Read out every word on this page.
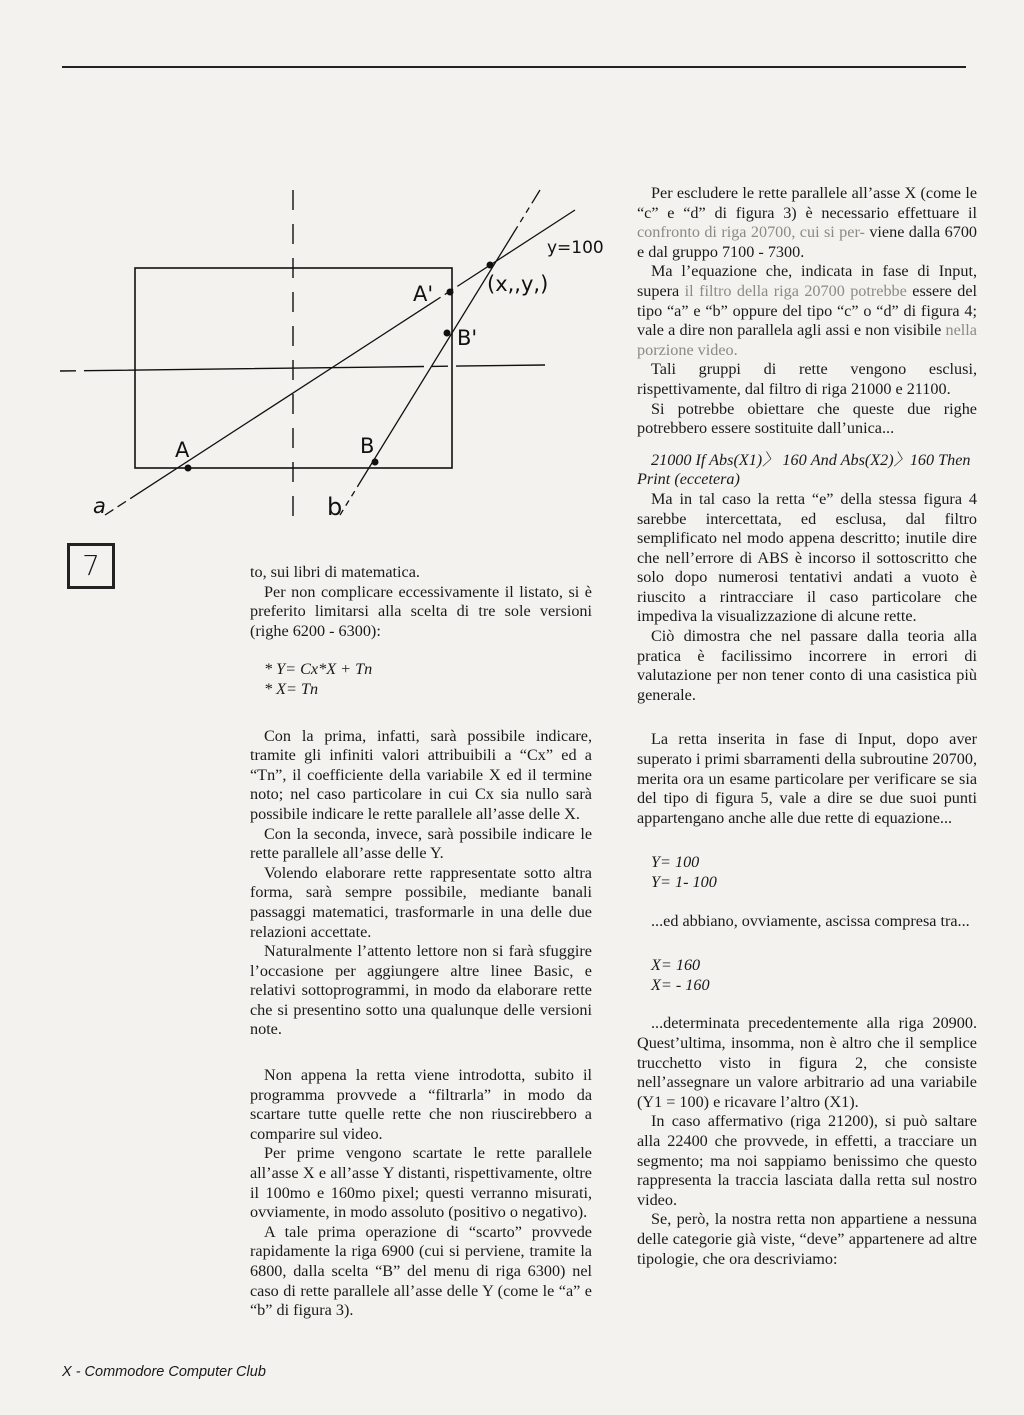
y=100
(x,,y,)
A'
B'
A	B
a	b
7	to, sui libri di matematica.

Per non complicare eccessivamente il listato, si è preferito limitarsi alla scelta di tre sole versioni (righe 6200 - 6300):

* Y= Cx*X + Tn

* X= Tn

Con la prima, infatti, sarà possibile indicare, tramite gli infiniti valori attribuibili a “Cx” ed a “Tn”, il coefficiente della variabile X ed il termine noto; nel caso particolare in cui Cx sia nullo sarà possibile indicare le rette parallele all’asse delle X.

Con la seconda, invece, sarà possibile indicare le rette parallele all’asse delle Y.

Volendo elaborare rette rappresentate sotto altra forma, sarà sempre possibile, mediante banali passaggi matematici, trasformarle in una delle due relazioni accettate.

Naturalmente l’attento lettore non si farà sfuggire l’occasione per aggiungere altre linee Basic, e relativi sottoprogrammi, in modo da elaborare rette che si presentino sotto una qualunque delle versioni note.

Non appena la retta viene introdotta, subito il programma provvede a “filtrarla” in modo da scartare tutte quelle rette che non riuscirebbero a comparire sul video.

Per prime vengono scartate le rette parallele all’asse X e all’asse Y distanti, rispettivamente, oltre il 100mo e 160mo pixel; questi verranno misurati, ovviamente, in modo assoluto (positivo o negativo).

A tale prima operazione di “scarto” provvede rapidamente la riga 6900 (cui si perviene, tramite la 6800, dalla scelta “B” del menu di riga 6300) nel caso di rette parallele all’asse delle Y (come le “a” e “b” di figura 3).

Per escludere le rette parallele all’asse X (come le “c” e “d” di figura 3) è necessario effettuare il confronto di riga 20700, cui si per- viene dalla 6700 e dal gruppo 7100 - 7300.

Ma l’equazione che, indicata in fase di Input, supera il filtro della riga 20700 potrebbe essere del tipo “a” e “b” oppure del tipo “c” o “d” di figura 4; vale a dire non parallela agli assi e non visibile nella porzione video.

Tali gruppi di rette vengono esclusi, rispettivamente, dal filtro di riga 21000 e 21100.

Si potrebbe obiettare che queste due righe potrebbero essere sostituite dall’unica...

21000 If Abs(X1)〉 160 And Abs(X2)〉160 Then Print (eccetera)

Ma in tal caso la retta “e” della stessa figura 4 sarebbe intercettata, ed esclusa, dal filtro semplificato nel modo appena descritto; inutile dire che nell’errore di ABS è incorso il sottoscritto che solo dopo numerosi tentativi andati a vuoto è riuscito a rintracciare il caso particolare che impediva la visualizzazione di alcune rette.

Ciò dimostra che nel passare dalla teoria alla pratica è facilissimo incorrere in errori di valutazione per non tener conto di una casistica più generale.

La retta inserita in fase di Input, dopo aver superato i primi sbarramenti della subroutine 20700, merita ora un esame particolare per verificare se sia del tipo di figura 5, vale a dire se due suoi punti appartengano anche alle due rette di equazione...

Y= 100

Y= 1- 100

...ed abbiano, ovviamente, ascissa compresa tra...

X= 160

X= - 160

...determinata precedentemente alla riga 20900. Quest’ultima, insomma, non è altro che il semplice trucchetto visto in figura 2, che consiste nell’assegnare un valore arbitrario ad una variabile (Y1 = 100) e ricavare l’altro (X1).

In caso affermativo (riga 21200), si può saltare alla 22400 che provvede, in effetti, a tracciare un segmento; ma noi sappiamo benissimo che questo rappresenta la traccia lasciata dalla retta sul nostro video.

Se, però, la nostra retta non appartiene a nessuna delle categorie già viste, “deve” appartenere ad altre tipologie, che ora descriviamo:

X - Commodore Computer Club
